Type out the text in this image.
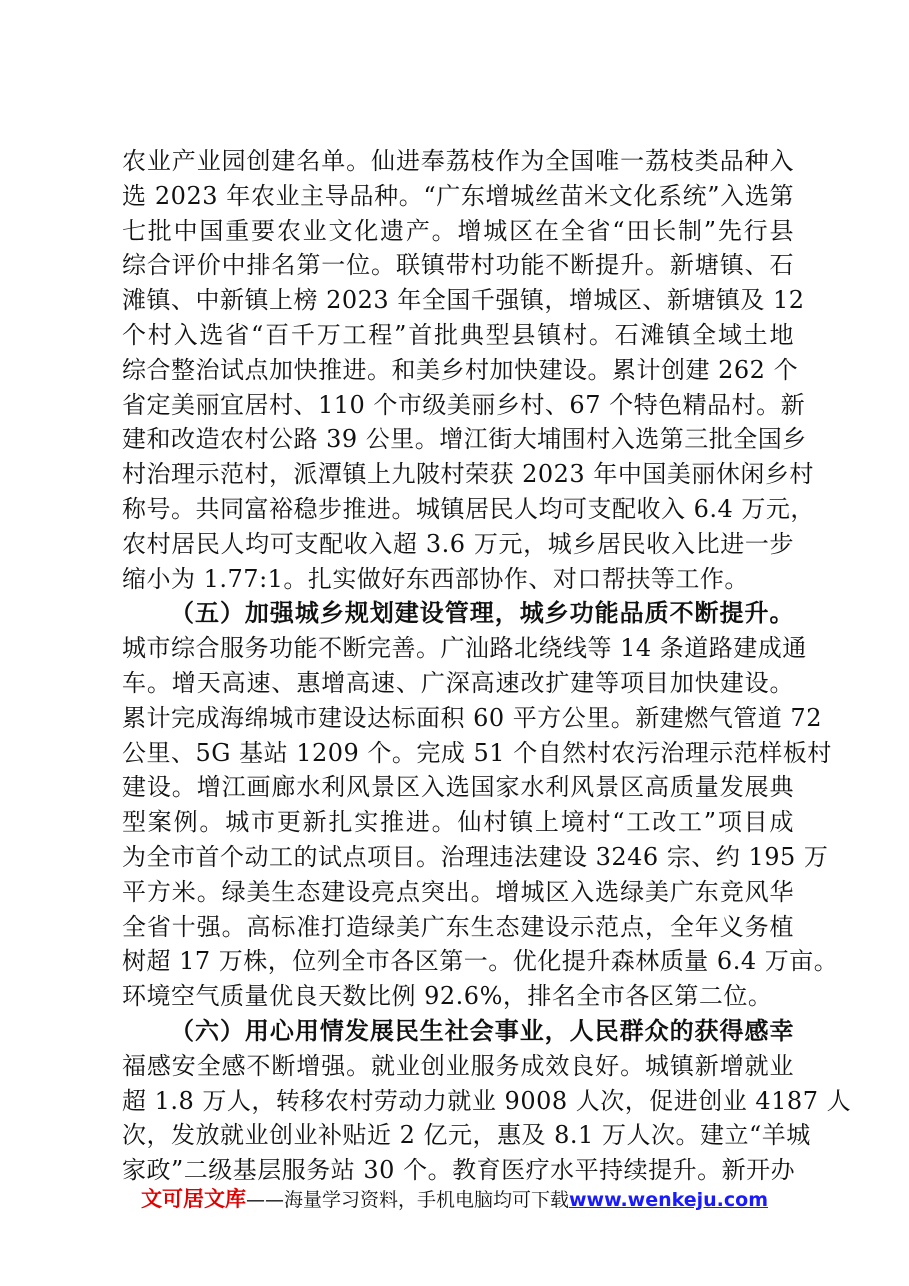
农业产业园创建名单。仙进奉荔枝作为全国唯一荔枝类品种入
选 2023 年农业主导品种。“广东增城丝苗米文化系统”入选第
七批中国重要农业文化遗产。增城区在全省“田长制”先行县
综合评价中排名第一位。联镇带村功能不断提升。新塘镇、石
滩镇、中新镇上榜 2023 年全国千强镇，增城区、新塘镇及 12
个村入选省“百千万工程”首批典型县镇村。石滩镇全域土地
综合整治试点加快推进。和美乡村加快建设。累计创建 262 个
省定美丽宜居村、110 个市级美丽乡村、67 个特色精品村。新
建和改造农村公路 39 公里。增江街大埔围村入选第三批全国乡
村治理示范村，派潭镇上九陂村荣获 2023 年中国美丽休闲乡村
称号。共同富裕稳步推进。城镇居民人均可支配收入 6.4 万元，
农村居民人均可支配收入超 3.6 万元，城乡居民收入比进一步
缩小为 1.77:1。扎实做好东西部协作、对口帮扶等工作。
（五）加强城乡规划建设管理，城乡功能品质不断提升。
城市综合服务功能不断完善。广汕路北绕线等 14 条道路建成通
车。增天高速、惠增高速、广深高速改扩建等项目加快建设。
累计完成海绵城市建设达标面积 60 平方公里。新建燃气管道 72
公里、5G 基站 1209 个。完成 51 个自然村农污治理示范样板村
建设。增江画廊水利风景区入选国家水利风景区高质量发展典
型案例。城市更新扎实推进。仙村镇上境村“工改工”项目成
为全市首个动工的试点项目。治理违法建设 3246 宗、约 195 万
平方米。绿美生态建设亮点突出。增城区入选绿美广东竞风华
全省十强。高标准打造绿美广东生态建设示范点，全年义务植
树超 17 万株，位列全市各区第一。优化提升森林质量 6.4 万亩。
环境空气质量优良天数比例 92.6%，排名全市各区第二位。
（六）用心用情发展民生社会事业，人民群众的获得感幸
福感安全感不断增强。就业创业服务成效良好。城镇新增就业
超 1.8 万人，转移农村劳动力就业 9008 人次，促进创业 4187 人
次，发放就业创业补贴近 2 亿元，惠及 8.1 万人次。建立“羊城
家政”二级基层服务站 30 个。教育医疗水平持续提升。新开办
文可居文库——海量学习资料，手机电脑均可下载www.wenkeju.com
